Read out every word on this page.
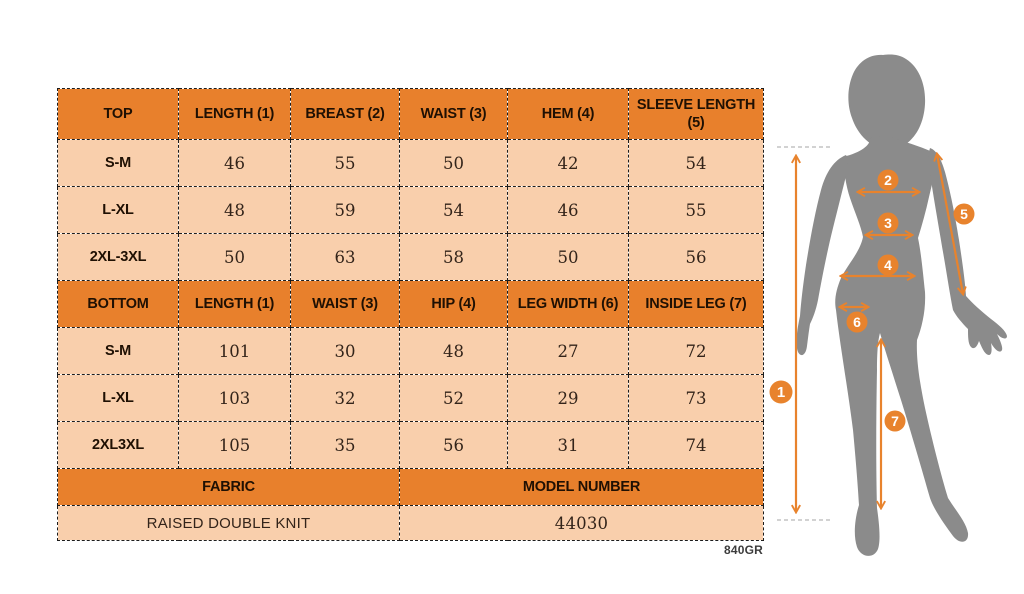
TOP	LENGTH (1)	BREAST (2)	WAIST (3)	HEM (4)	SLEEVE LENGTH (5)
S-M	46	55	50	42	54
L-XL	48	59	54	46	55
2XL-3XL	50	63	58	50	56
BOTTOM	LENGTH (1)	WAIST (3)	HIP (4)	LEG WIDTH (6)	INSIDE LEG (7)
S-M	101	30	48	27	72
L-XL	103	32	52	29	73
2XL3XL	105	35	56	31	74
FABRIC			MODEL NUMBER		
RAISED DOUBLE KNIT			44030		
840GR
1
2
3
4
5
6
7
